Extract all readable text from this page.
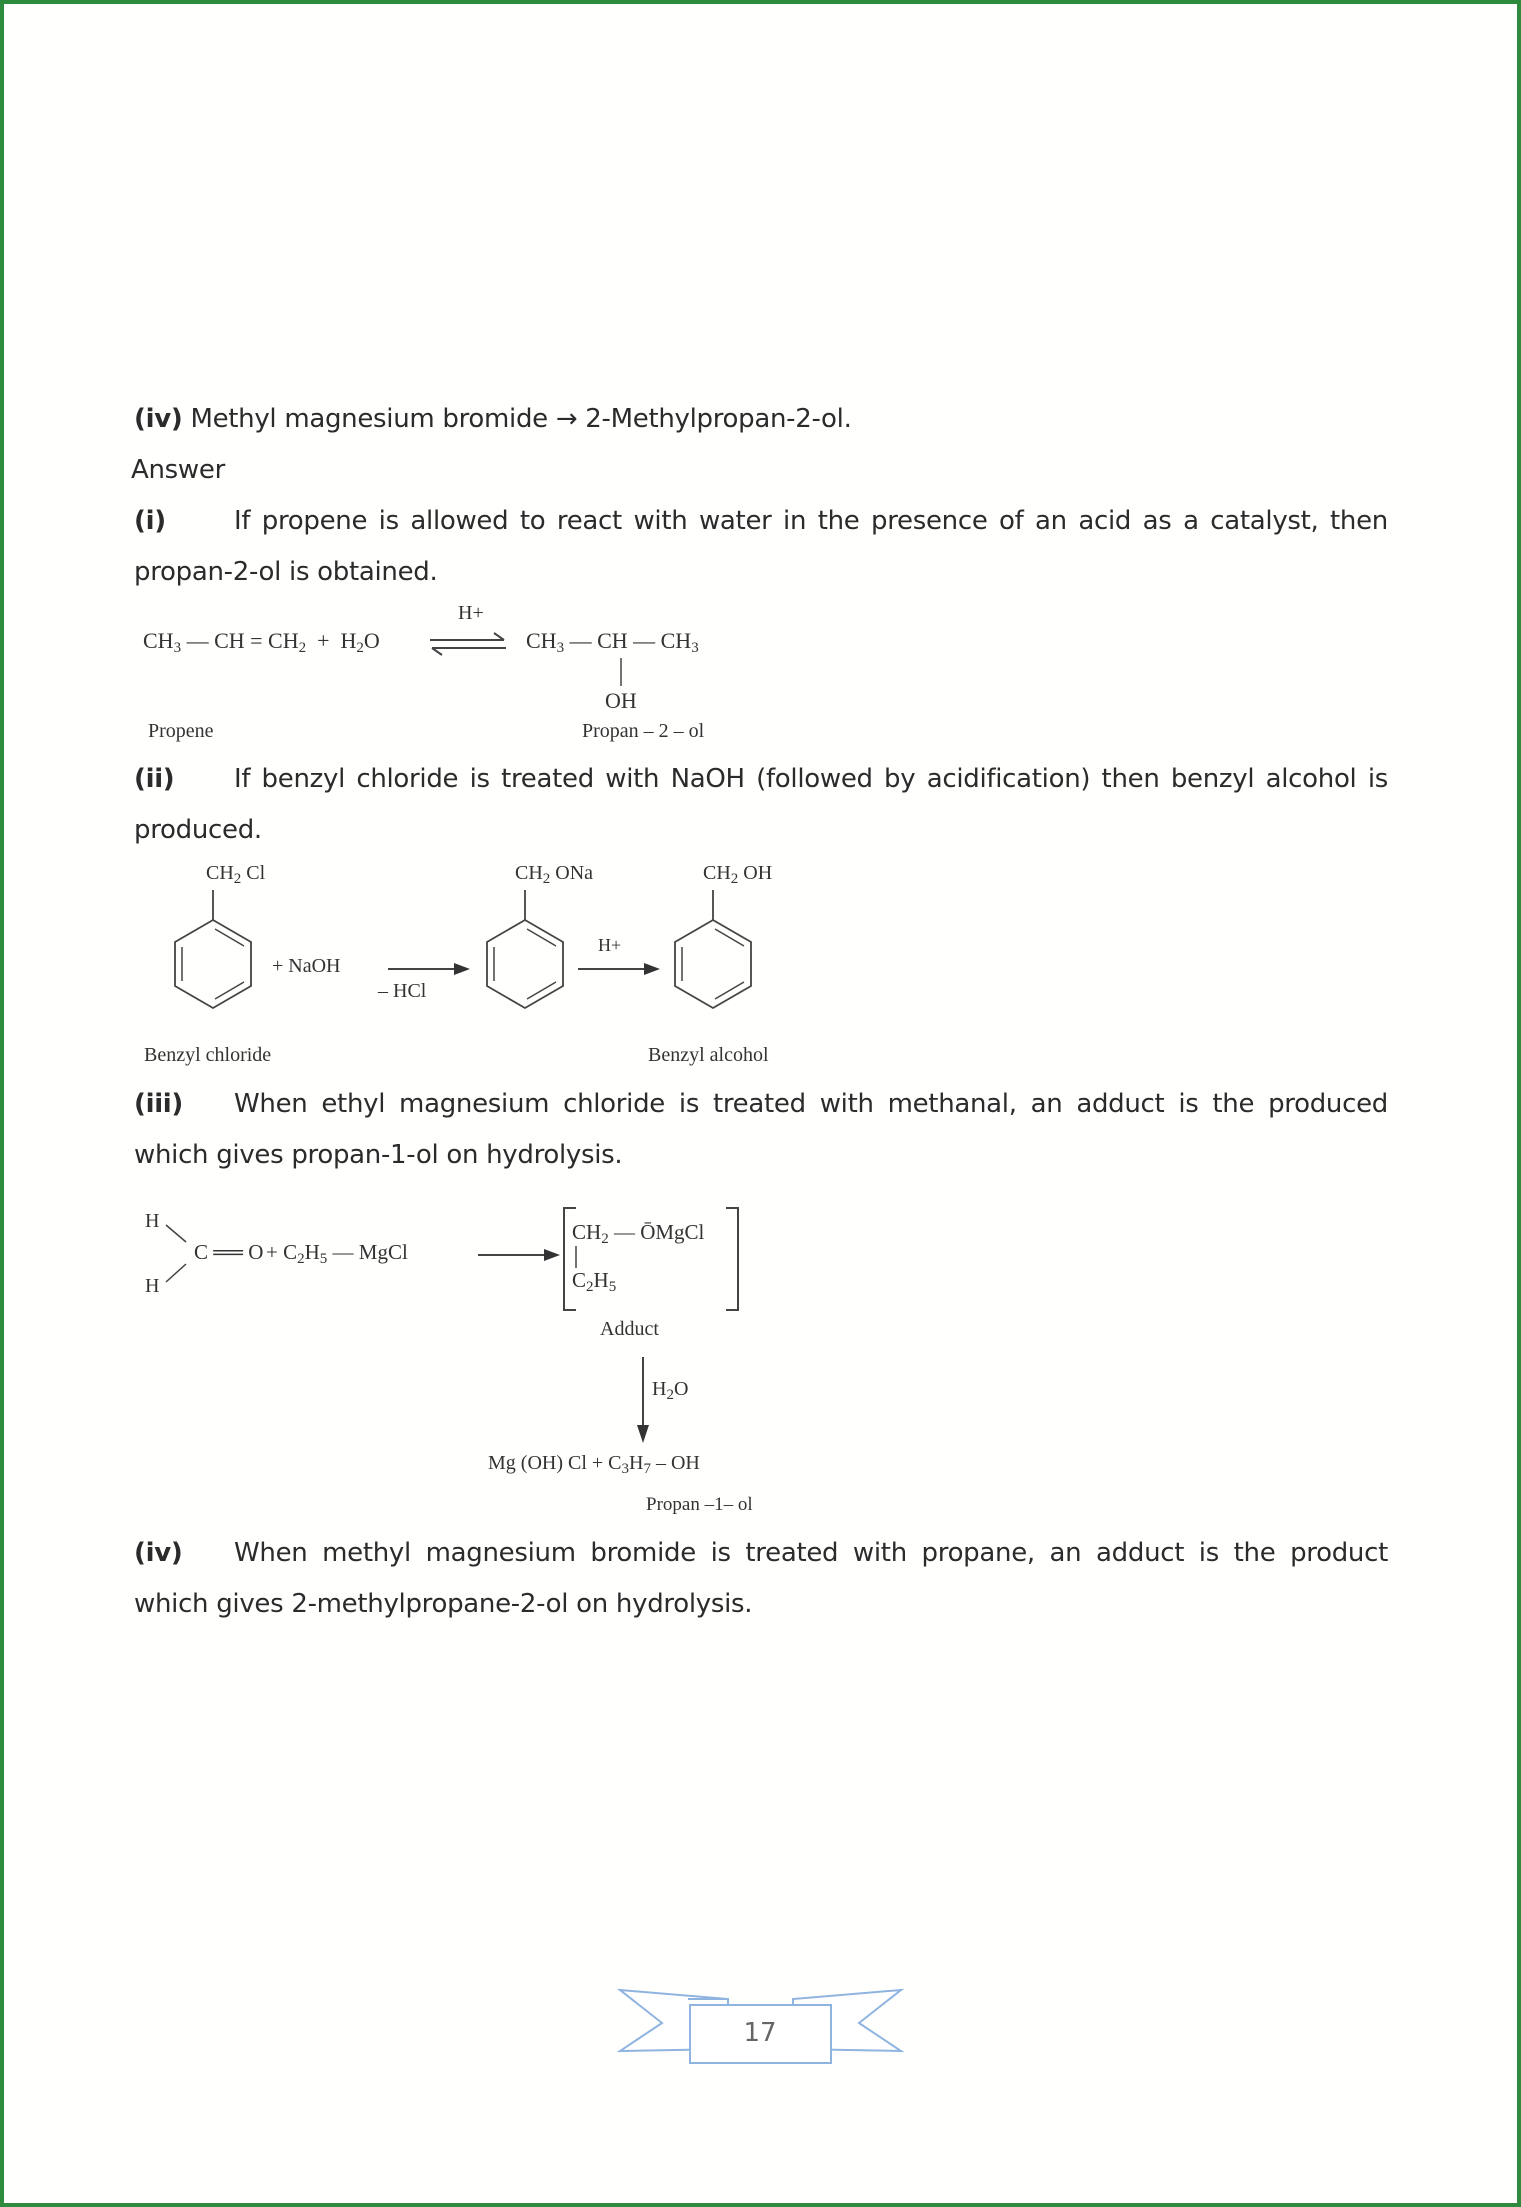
(iv) Methyl magnesium bromide → 2-Methylpropan-2-ol.
Answer
(i)	If propene is allowed to react with water in the presence of an acid as a catalyst, then propan-2-ol is obtained.
$CH_3$ — CH = $CH_2 + H_2O$
H+
$CH_3$ — CH — $CH_3$
OH
Propene	Propan – 2 – ol
(ii) If benzyl chloride is treated with NaOH (followed by acidification) then benzyl alcohol is produced.
$CH_2$ Cl
+ NaOH
– HCl
$CH_2$ ONa
H+
$CH_2$ OH
Benzyl chloride	Benzyl alcohol
(iii) When ethyl magnesium chloride is treated with methanal, an adduct is the produced which gives propan-1-ol on hydrolysis.
H
H
C ══ $O + C_2H_5$ — MgCl
$CH_2$ — ŌMgCl
$C_2H_5$
Adduct
$H_2O$
Mg (OH) $Cl + C_3H_7$ – OH
Propan –1– ol
(iv) When methyl magnesium bromide is treated with propane, an adduct is the product which gives 2-methylpropane-2-ol on hydrolysis.
17
